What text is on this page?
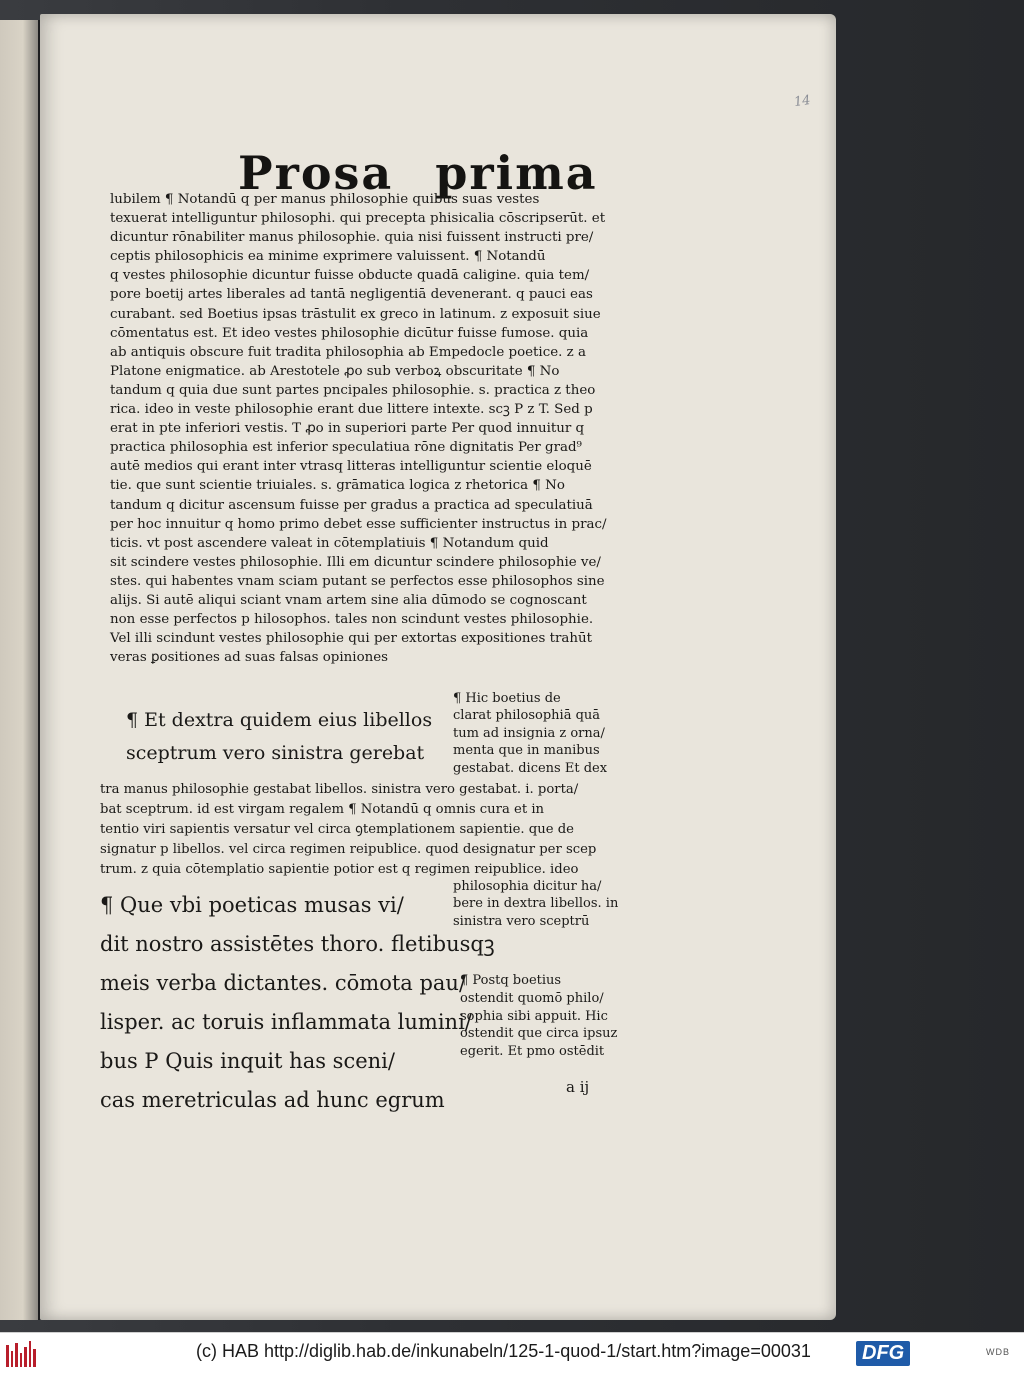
14
Prosa prima
lubilem ¶ Notandū q per manus philosophie quibus suas vestes
texuerat intelliguntur philosophi. qui precepta phisicalia cōscripserūt. et
dicuntur rōnabiliter manus philosophie. quia nisi fuissent instructi pre/
ceptis philosophicis ea minime exprimere valuissent. ¶ Notandū
q vestes philosophie dicuntur fuisse obducte quadā caligine. quia tem/
pore boetij artes liberales ad tantā negligentiā devenerant. q pauci eas
curabant. sed Boetius ipsas trāstulit ex greco in latinum. z exposuit siue
cōmentatus est. Et ideo vestes philosophie dicūtur fuisse fumose. quia
ab antiquis obscure fuit tradita philosophia ab Empedocle poetice. z a
Platone enigmatice. ab Arestotele ꝓo sub verboꝝ obscuritate ¶ No
tandum q quia due sunt partes pncipales philosophie. s. practica z theo
rica. ideo in veste philosophie erant due littere intexte. scꝫ P z T. Sed p
erat in pte inferiori vestis. T ꝓo in superiori parte Per quod innuitur q
practica philosophia est inferior speculatiua rōne dignitatis Per grad⁹
autē medios qui erant inter vtrasq litteras intelliguntur scientie eloquē
tie. que sunt scientie triuiales. s. grāmatica logica z rhetorica ¶ No
tandum q dicitur ascensum fuisse per gradus a practica ad speculatiuā
per hoc innuitur q homo primo debet esse sufficienter instructus in prac/
ticis. vt post ascendere valeat in cōtemplatiuis ¶ Notandum quid
sit scindere vestes philosophie. Illi em dicuntur scindere philosophie ve/
stes. qui habentes vnam sciam putant se perfectos esse philosophos sine
alijs. Si autē aliqui sciant vnam artem sine alia dūmodo se cognoscant
non esse perfectos p hilosophos. tales non scindunt vestes philosophie.
Vel illi scindunt vestes philosophie qui per extortas expositiones trahūt
veras ꝑositiones ad suas falsas opiniones
¶ Et dextra quidem eius libellos
sceptrum vero sinistra gerebat
¶ Hic boetius de
clarat philosophiā quā
tum ad insignia z orna/
menta que in manibus
gestabat. dicens Et dex
tra manus philosophie gestabat libellos. sinistra vero gestabat. i. porta/
bat sceptrum. id est virgam regalem ¶ Notandū q omnis cura et in
tentio viri sapientis versatur vel circa ꝯtemplationem sapientie. que de
signatur p libellos. vel circa regimen reipublice. quod designatur per scep
trum. z quia cōtemplatio sapientie potior est q regimen reipublice. ideo
philosophia dicitur ha/
bere in dextra libellos. in
sinistra vero sceptrū
¶ Que vbi poeticas musas vi/
dit nostro assistētes thoro. fletibusqꝫ
meis verba dictantes. cōmota pau/
lisper. ac toruis inflammata lumini/
bus P Quis inquit has sceni/
cas meretriculas ad hunc egrum
¶ Postq boetius
ostendit quomō philo/
sophia sibi appuit. Hic
ostendit que circa ipsuz
egerit. Et pmo ostēdit
a ij
(c) HAB http://diglib.hab.de/inkunabeln/125-1-quod-1/start.htm?image=00031	DFG	WDB
